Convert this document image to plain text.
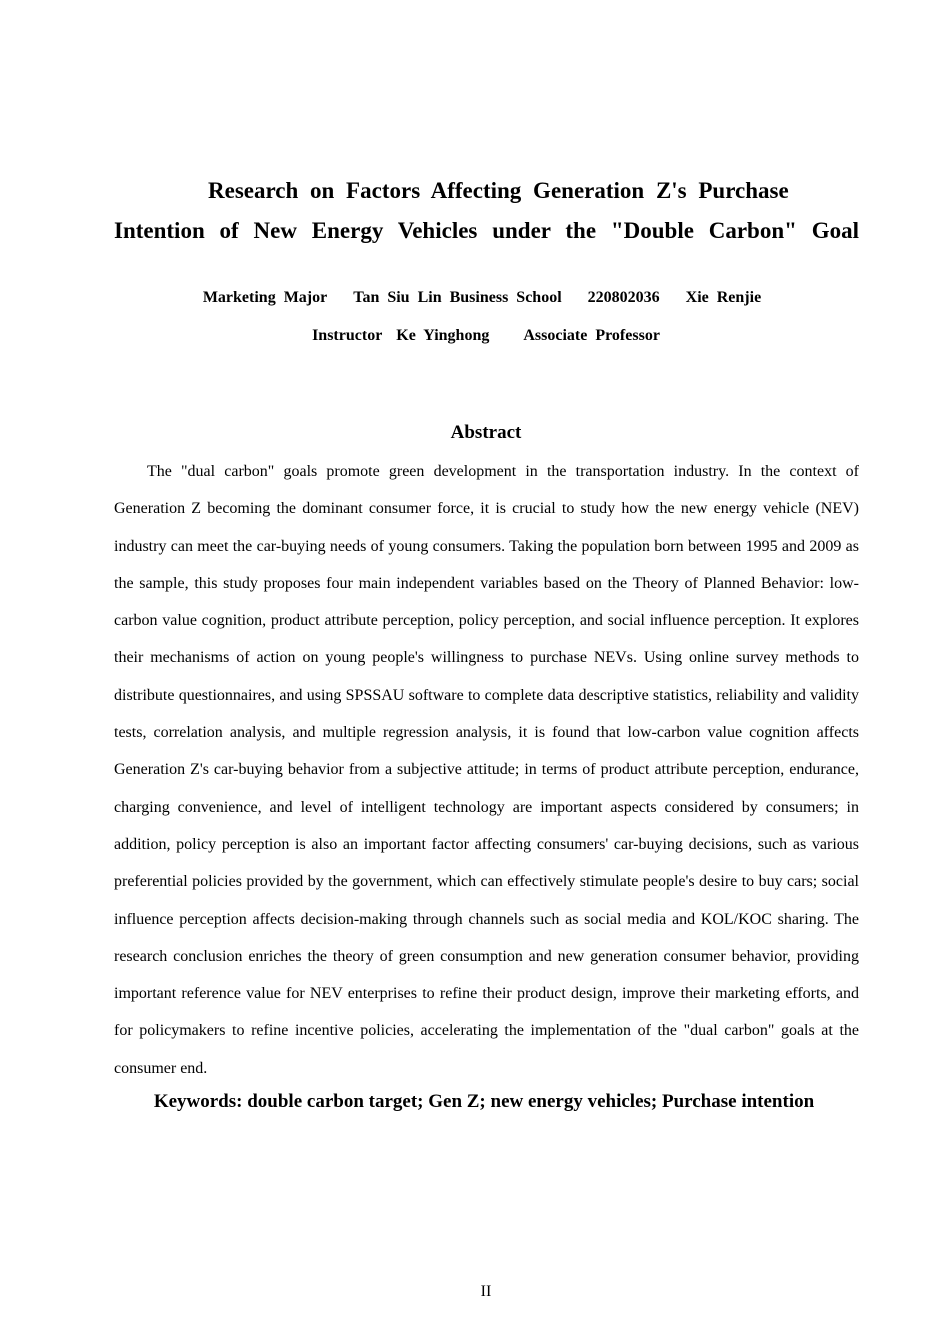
Research on Factors Affecting Generation Z's Purchase
Intention of New Energy Vehicles under the "Double Carbon" Goal
Marketing Major Tan Siu Lin Business School 220802036 Xie Renjie
Instructor Ke Yinghong Associate Professor
Abstract

The "dual carbon" goals promote green development in the transportation industry. In the context of Generation Z becoming the dominant consumer force, it is crucial to study how the new energy vehicle (NEV) industry can meet the car-buying needs of young consumers. Taking the population born between 1995 and 2009 as the sample, this study proposes four main independent variables based on the Theory of Planned Behavior: low-carbon value cognition, product attribute perception, policy perception, and social influence perception. It explores their mechanisms of action on young people's willingness to purchase NEVs. Using online survey methods to distribute questionnaires, and using SPSSAU software to complete data descriptive statistics, reliability and validity tests, correlation analysis, and multiple regression analysis, it is found that low-carbon value cognition affects Generation Z's car-buying behavior from a subjective attitude; in terms of product attribute perception, endurance, charging convenience, and level of intelligent technology are important aspects considered by consumers; in addition, policy perception is also an important factor affecting consumers' car-buying decisions, such as various preferential policies provided by the government, which can effectively stimulate people's desire to buy cars; social influence perception affects decision-making through channels such as social media and KOL/KOC sharing. The research conclusion enriches the theory of green consumption and new generation consumer behavior, providing important reference value for NEV enterprises to refine their product design, improve their marketing efforts, and for policymakers to refine incentive policies, accelerating the implementation of the "dual carbon" goals at the consumer end.

Keywords: double carbon target; Gen Z; new energy vehicles; Purchase intention
II
